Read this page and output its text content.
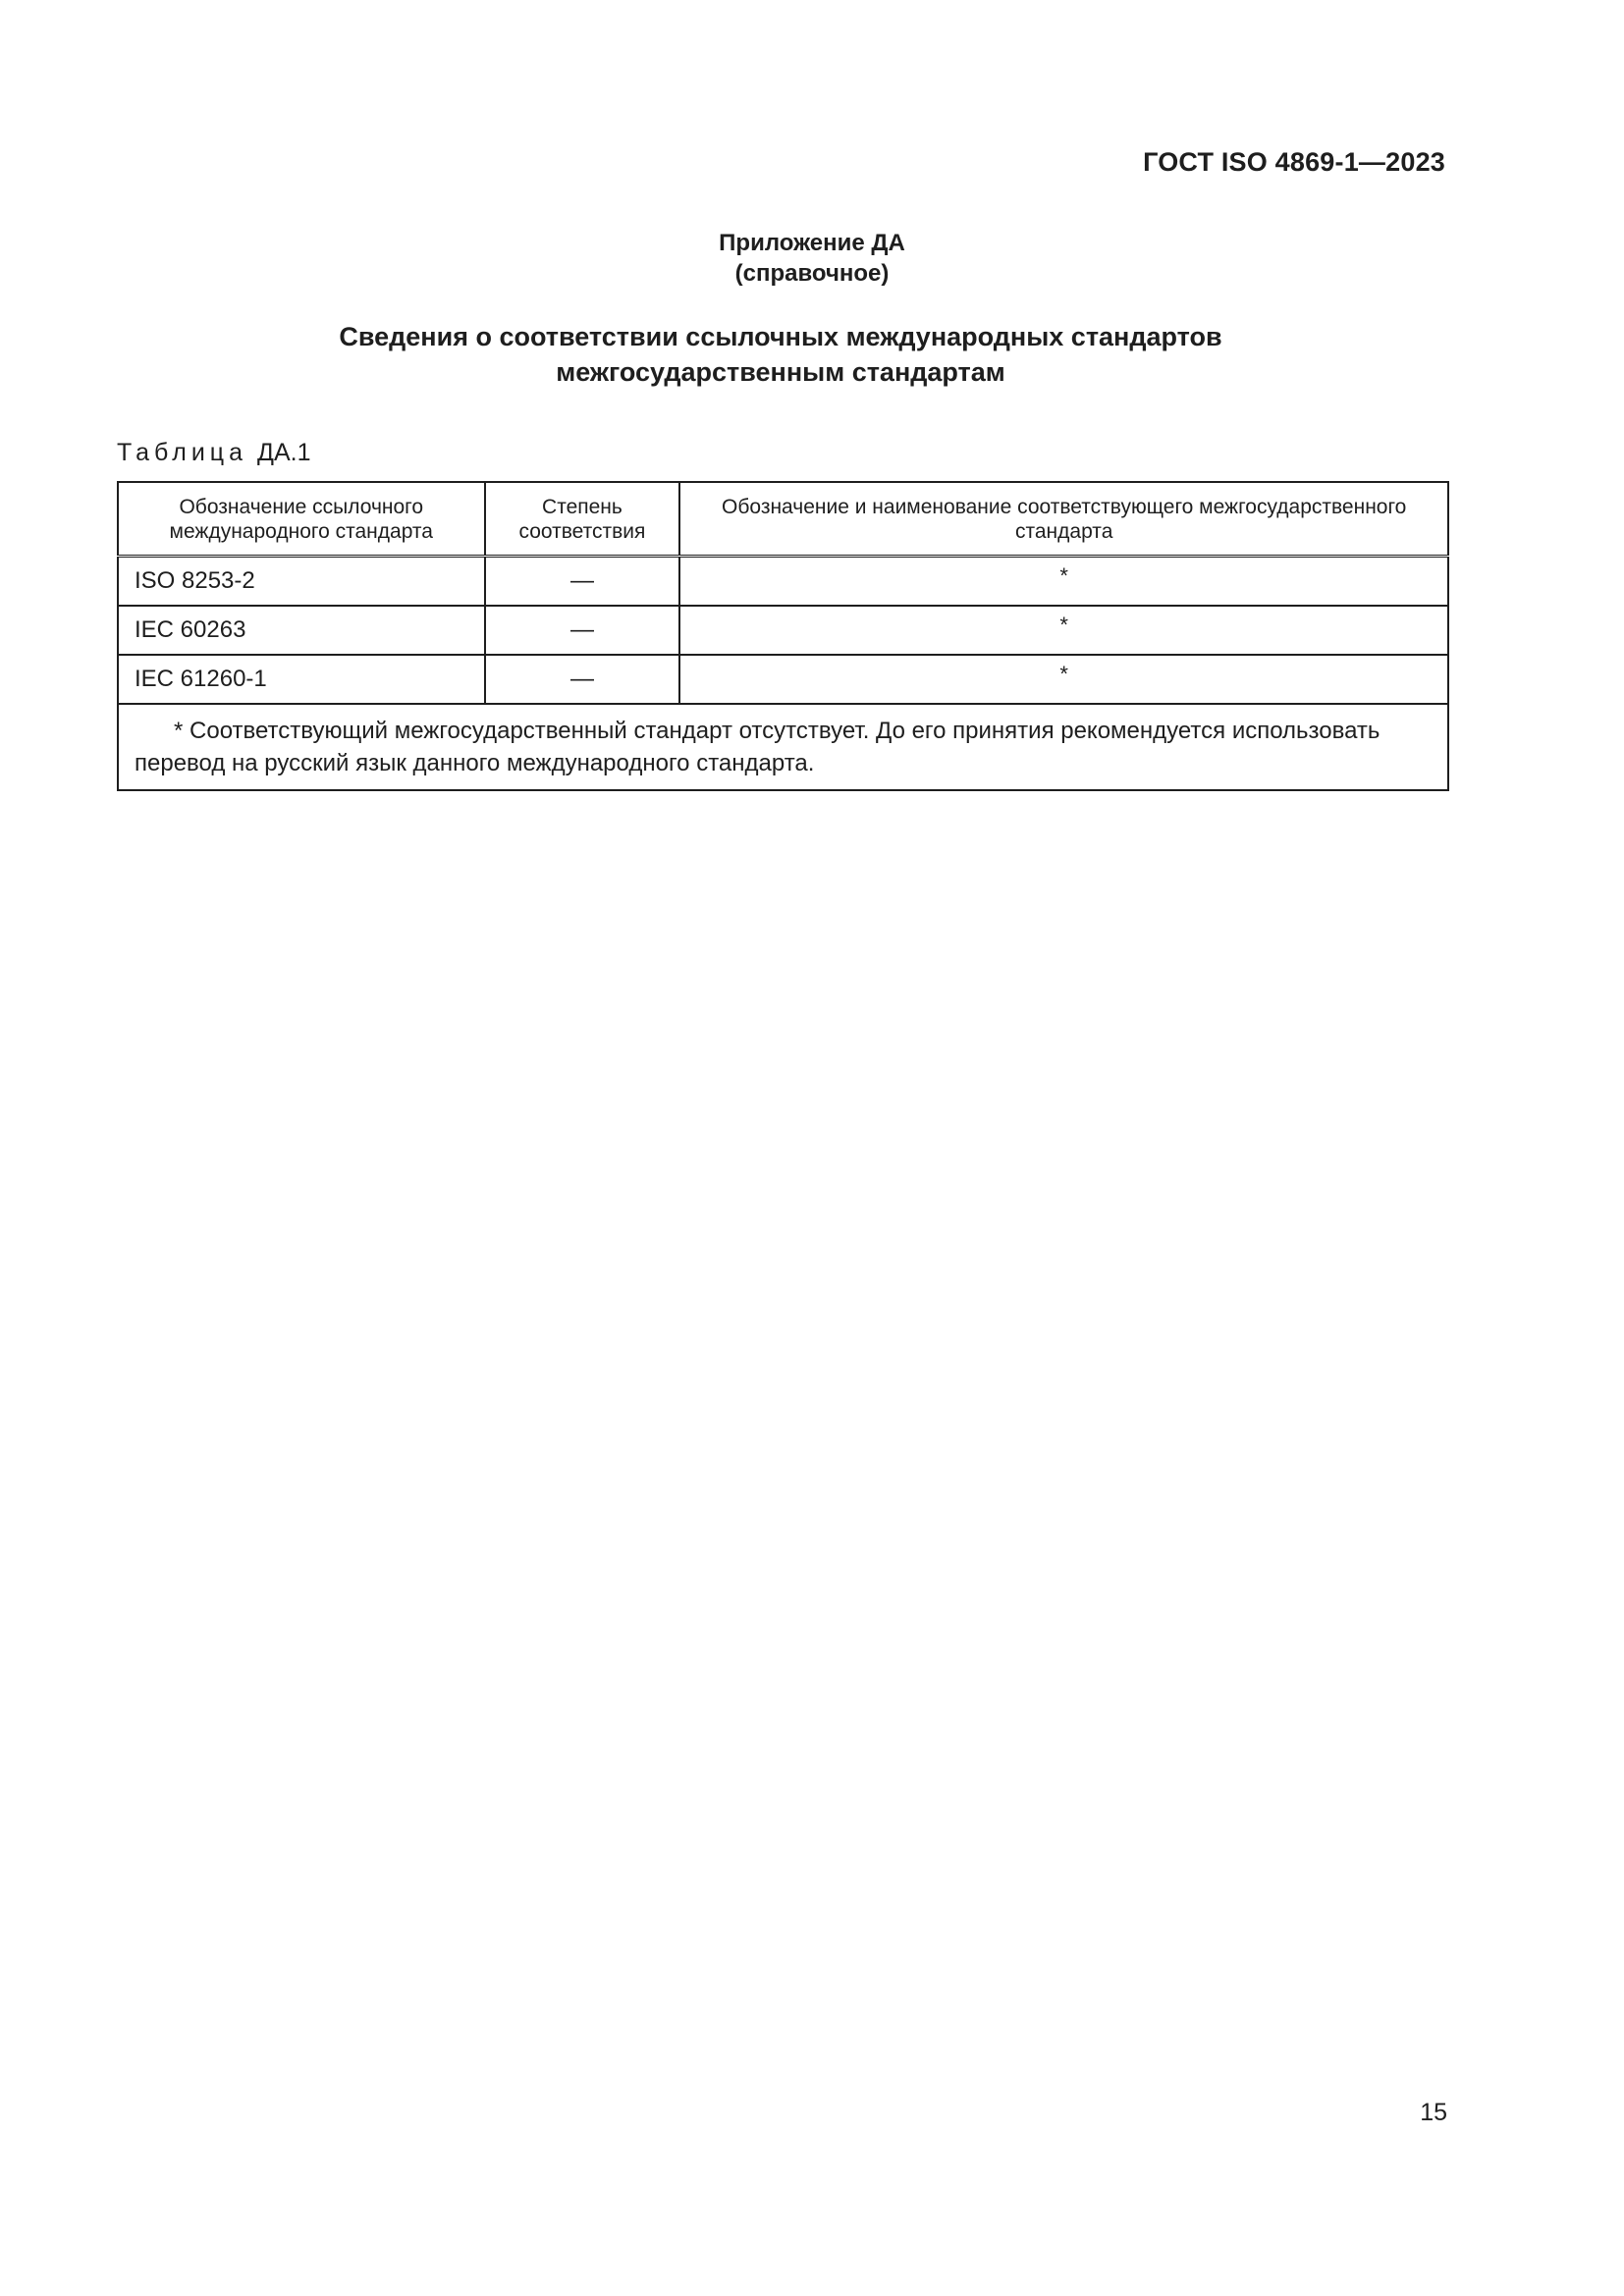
ГОСТ ISO 4869-1—2023
Приложение ДА
(справочное)
Сведения о соответствии ссылочных международных стандартов
межгосударственным стандартам
Таблица ДА.1
Обозначение ссылочного международного стандарта	Степень соответствия	Обозначение и наименование соответствующего межгосударственного стандарта
ISO 8253-2	—	*
IEC 60263	—	*
IEC 61260-1	—	*
* Соответствующий межгосударственный стандарт отсутствует. До его принятия рекомендуется использовать перевод на русский язык данного международного стандарта.		
15
